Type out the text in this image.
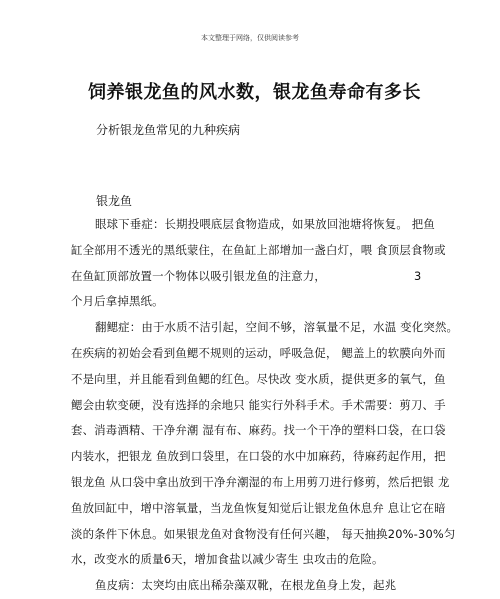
本文整理于网络，仅供阅读参考
饲养银龙鱼的风水数，银龙鱼寿命有多长
分析银龙鱼常见的九种疾病
银龙鱼

眼球下垂症：长期投喂底层食物造成，如果放回池塘将恢复。 把鱼

缸全部用不透光的黑纸蒙住，在鱼缸上部增加一盏白灯，喂 食顶层食物或

在鱼缸顶部放置一个物体以吸引银龙鱼的注意力，	3

个月后拿掉黑纸。

翻鳃症：由于水质不洁引起，空间不够，溶氧量不足，水温 变化突然。

在疾病的初始会看到鱼鳃不规则的运动，呼吸急促， 鳃盖上的软膜向外而

不是向里，并且能看到鱼鳃的红色。尽快改 变水质，提供更多的氧气，鱼

鳃会由软变硬，没有选择的余地只 能实行外科手术。手术需要：剪刀、手

套、消毒酒精、干净弁潮 湿有布、麻药。找一个干净的塑料口袋，在口袋

内装水，把银龙 鱼放到口袋里，在口袋的水中加麻药，待麻药起作用，把

银龙鱼 从口袋中拿出放到干净弁潮湿的布上用剪刀进行修剪，然后把银 龙

鱼放回缸中，增中溶氧量，当龙鱼恢复知觉后让银龙鱼休息弁 息让它在暗

淡的条件下休息。如果银龙鱼对食物没有任何兴趣， 每天抽换20%-30%匀

水，改变水的质量6天，增加食盐以减少寄生 虫攻击的危险。

鱼皮病：太突均由底出稀杂藻双靴，在根龙鱼身上发，起兆
